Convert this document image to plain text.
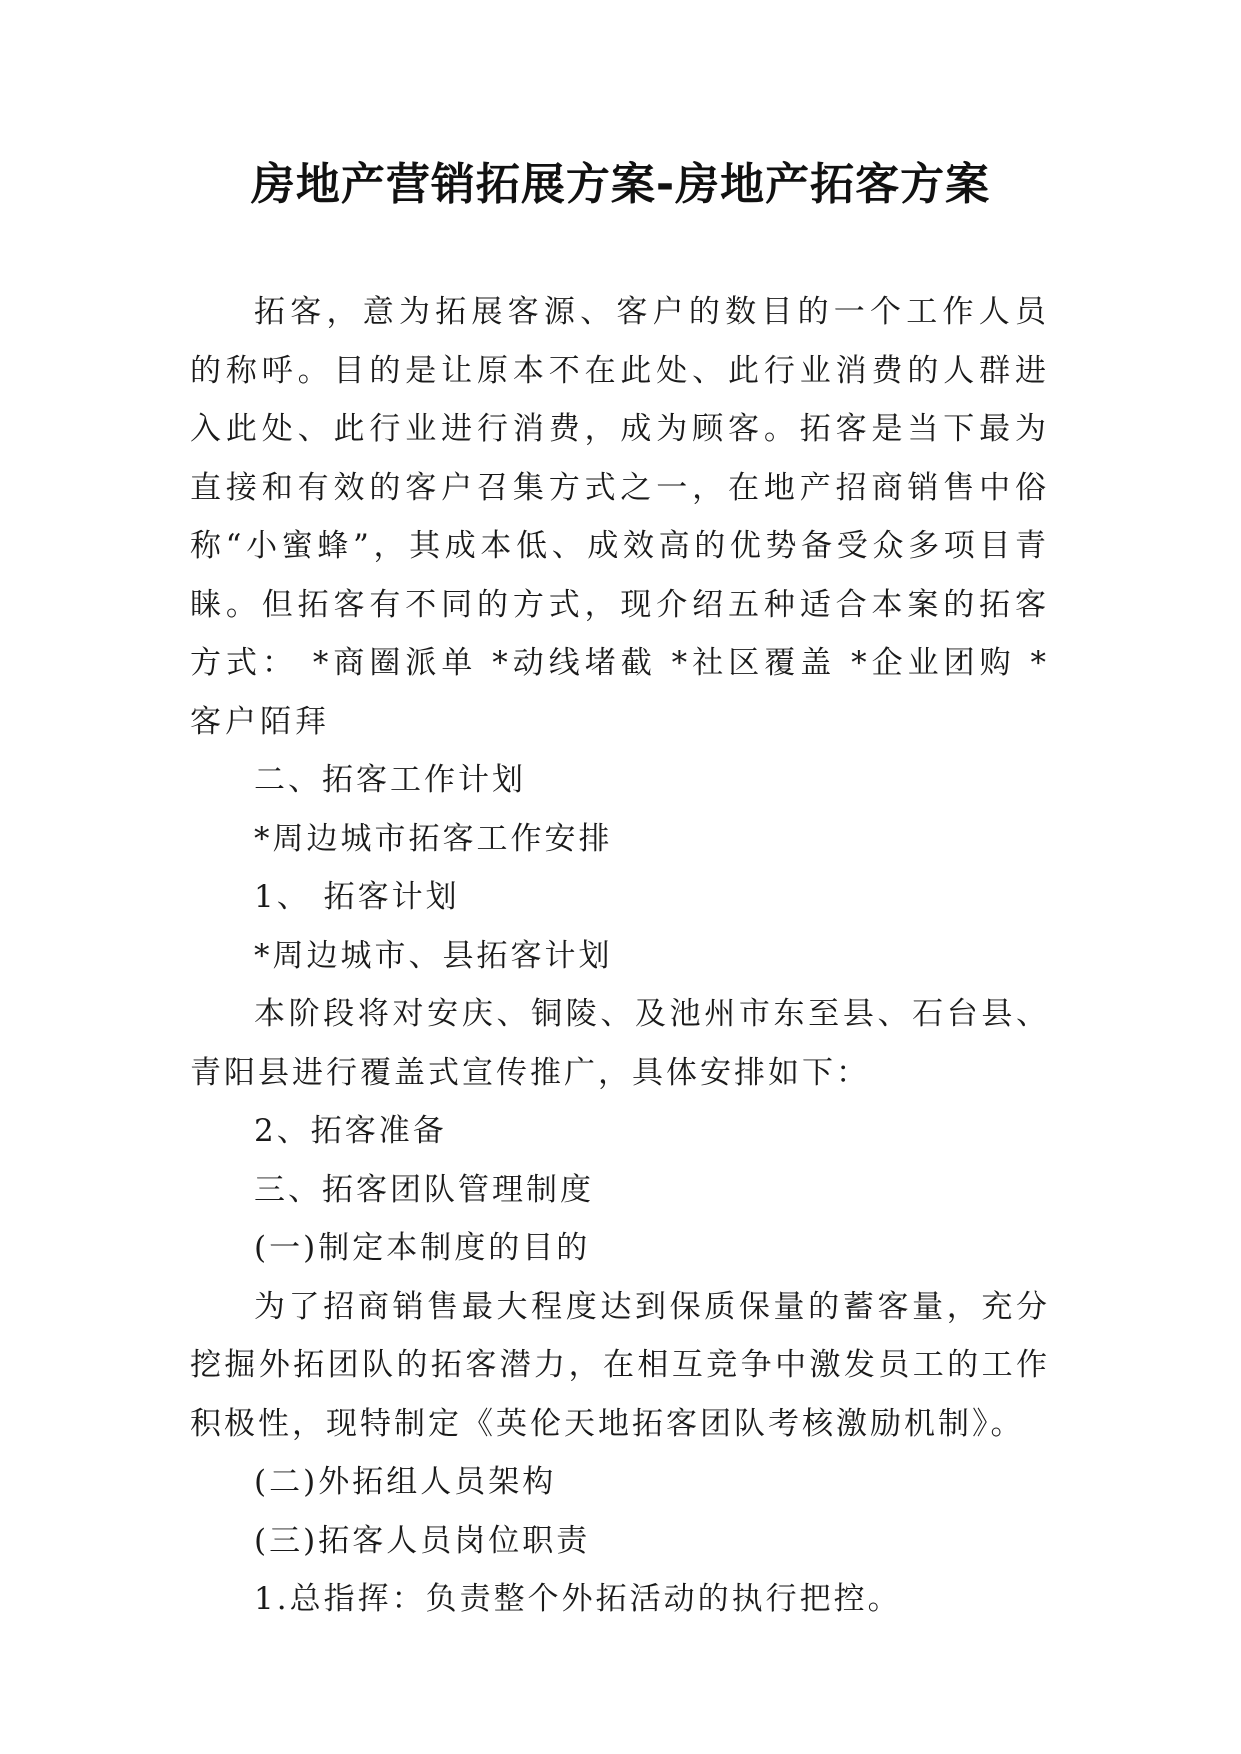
房地产营销拓展方案-房地产拓客方案

拓客，意为拓展客源、客户的数目的一个工作人员的称呼。目的是让原本不在此处、此行业消费的人群进入此处、此行业进行消费，成为顾客。拓客是当下最为直接和有效的客户召集方式之一，在地产招商销售中俗称“小蜜蜂”，其成本低、成效高的优势备受众多项目青睐。但拓客有不同的方式，现介绍五种适合本案的拓客方式： *商圈派单 *动线堵截 *社区覆盖 *企业团购 *客户陌拜

二、拓客工作计划

*周边城市拓客工作安排

1、 拓客计划

*周边城市、县拓客计划

本阶段将对安庆、铜陵、及池州市东至县、石台县、青阳县进行覆盖式宣传推广，具体安排如下：

2、拓客准备

三、拓客团队管理制度

(一)制定本制度的目的

为了招商销售最大程度达到保质保量的蓄客量，充分挖掘外拓团队的拓客潜力，在相互竞争中激发员工的工作积极性，现特制定《英伦天地拓客团队考核激励机制》。

(二)外拓组人员架构

(三)拓客人员岗位职责

1.总指挥：负责整个外拓活动的执行把控。
